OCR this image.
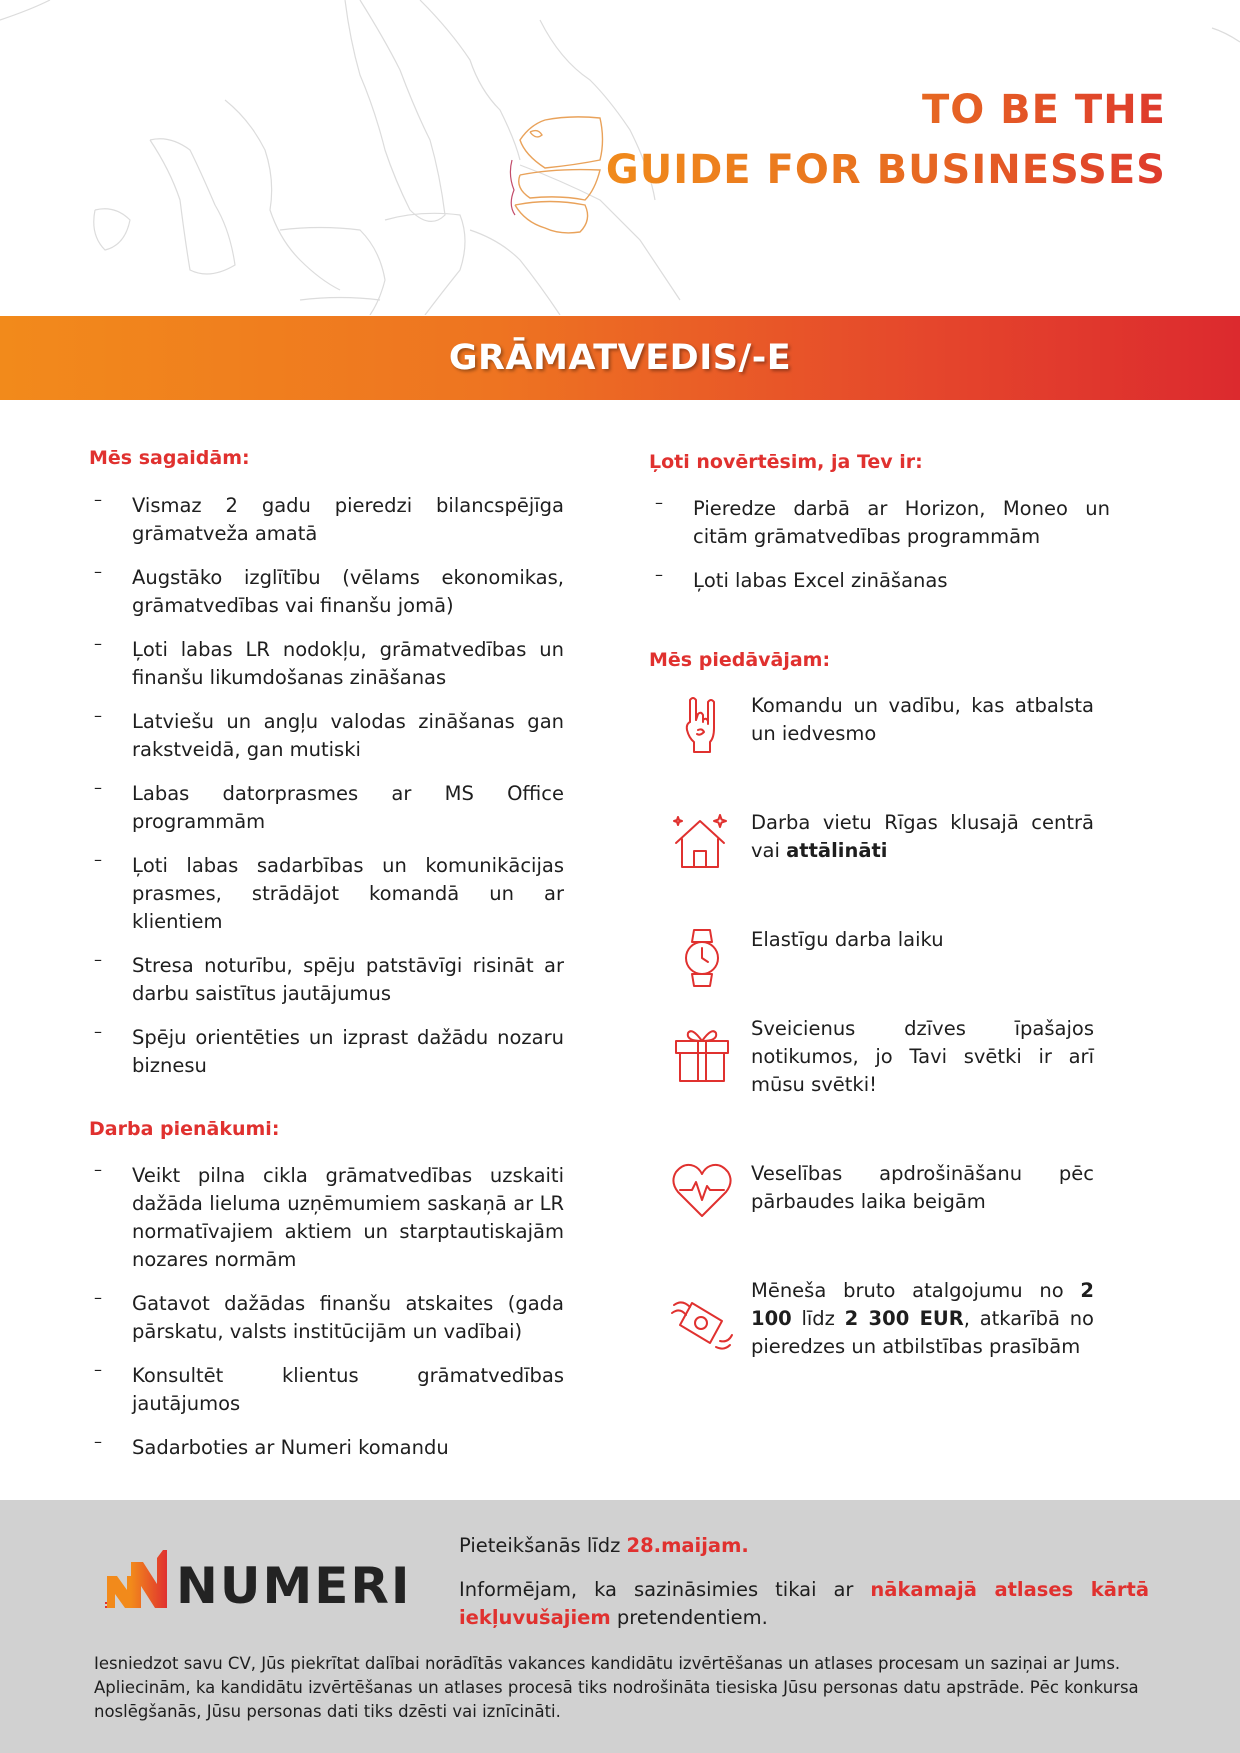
TO BE THE
GUIDE FOR BUSINESSES
GRĀMATVEDIS/-E
Mēs sagaidām:
– Vismaz 2 gadu pieredzi bilancspējīga grāmatveža amatā
– Augstāko izglītību (vēlams ekonomikas, grāmatvedības vai finanšu jomā)
– Ļoti labas LR nodokļu, grāmatvedības un finanšu likumdošanas zināšanas
– Latviešu un angļu valodas zināšanas gan rakstveidā, gan mutiski
– Labas datorprasmes ar MS Office programmām
– Ļoti labas sadarbības un komunikācijas prasmes, strādājot komandā un ar klientiem
– Stresa noturību, spēju patstāvīgi risināt ar darbu saistītus jautājumus
– Spēju orientēties un izprast dažādu nozaru biznesu
Darba pienākumi:
– Veikt pilna cikla grāmatvedības uzskaiti dažāda lieluma uzņēmumiem saskaņā ar LR normatīvajiem aktiem un starptautiskajām nozares normām
– Gatavot dažādas finanšu atskaites (gada pārskatu, valsts institūcijām un vadībai)
– Konsultēt klientus grāmatvedības jautājumos
– Sadarboties ar Numeri komandu
Ļoti novērtēsim, ja Tev ir:
– Pieredze darbā ar Horizon, Moneo un citām grāmatvedības programmām
– Ļoti labas Excel zināšanas
Mēs piedāvājam:
Komandu un vadību, kas atbalsta un iedvesmo
Darba vietu Rīgas klusajā centrā vai attālināti
Elastīgu darba laiku
Sveicienus dzīves īpašajos notikumos, jo Tavi svētki ir arī mūsu svētki!
Veselības apdrošināšanu pēc pārbaudes laika beigām
Mēneša bruto atalgojumu no 2 100 līdz 2 300 EUR, atkarībā no pieredzes un atbilstības prasībām
NUMERI
Pieteikšanās līdz 28.maijam.
Informējam, ka sazināsimies tikai ar nākamajā atlases kārtā iekļuvušajiem pretendentiem.
Iesniedzot savu CV, Jūs piekrītat dalībai norādītās vakances kandidātu izvērtēšanas un atlases procesam un saziņai ar Jums. Apliecinām, ka kandidātu izvērtēšanas un atlases procesā tiks nodrošināta tiesiska Jūsu personas datu apstrāde. Pēc konkursa noslēgšanās, Jūsu personas dati tiks dzēsti vai iznīcināti.
